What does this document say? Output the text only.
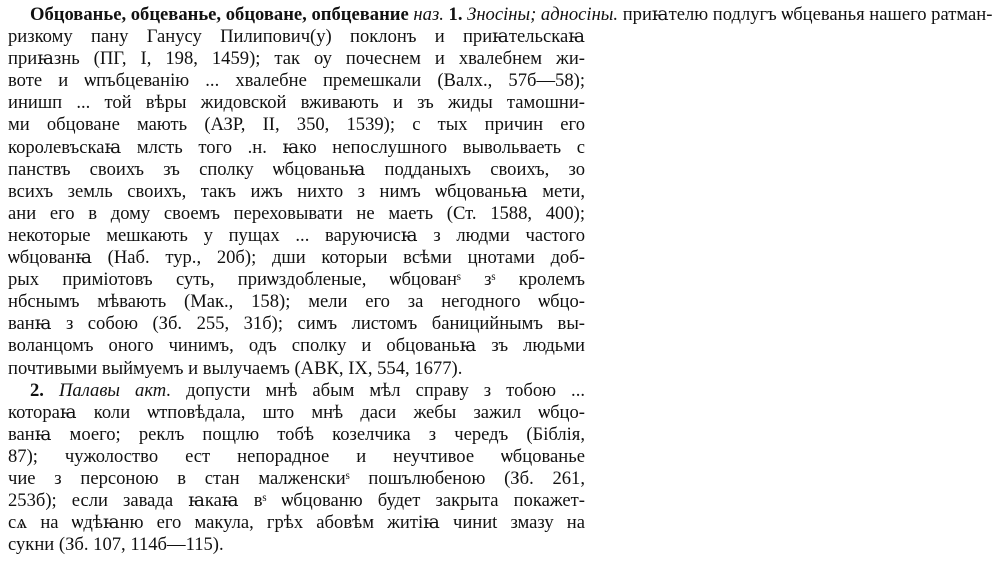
Обцованье, обцеванье, обцоване, опбцевание наз. 1. Зносіны; адносіны. приꙗтелю подлугъ ѡбцеванья нашего ратман-
ризкому пану Ганусу Пилипович(у) поклонъ и приꙗтельскаꙗ
приꙗзнь (ПГ, I, 198, 1459); так оу почеснем и хвалебнем жи-
воте и ѡпъбцеванію ... хвалебне премешкали (Валх., 57б—58);
инишп ... той вѣры жидовской вживають и зъ жиды тамошни-
ми обцоване мають (АЗР, II, 350, 1539); с тых причин его
королевъскаꙗ млсть того .н. ꙗко непослушного вывольваеть с
панствъ своихъ зъ сполку ѡбцованьꙗ подданыхъ своихъ, зо
всихъ земль своихъ, такъ ижъ нихто з нимъ ѡбцованьꙗ мети,
ани его в дому своемъ переховывати не маеть (Ст. 1588, 400);
некоторые мешкають у пущах ... варуючисꙗ з людми частого
ѡбцованꙗ (Наб. тур., 20б); дши которыи всѣми цнотами доб-
рых приміотовъ суть, приѡздобленые, ѡбцованˢ зˢ кролемъ
нбснымъ мѣвають (Мак., 158); мели его за негодного ѡбцо-
ванꙗ з собою (Зб. 255, 31б); симъ листомъ баницийнымъ вы-
воланцомъ оного чинимъ, одъ сполку и обцованьꙗ зъ людьми
почтивыми выймуемъ и вылучаемъ (АВК, IX, 554, 1677).
2. Палавы акт. допусти мнѣ абым мѣл справу з тобою ...
котораꙗ коли ѡтповѣдала, што мнѣ даси жебы зажил ѡбцо-
ванꙗ моего; реклъ пощлю тобѣ козелчика з чередъ (Біблія,
87); чужолоство ест непорадное и неучтивое ѡбцованье
чие з персоною в стан малженскиˢ пошълюбеною (Зб. 261,
253б); если завада ꙗкаꙗ вˢ ѡбцованю будет закрыта покажет-
сѧ на ѡдѣꙗню его макула, грѣх абовѣм житіꙗ чиниt змазу на
сукни (Зб. 107, 114б—115).
